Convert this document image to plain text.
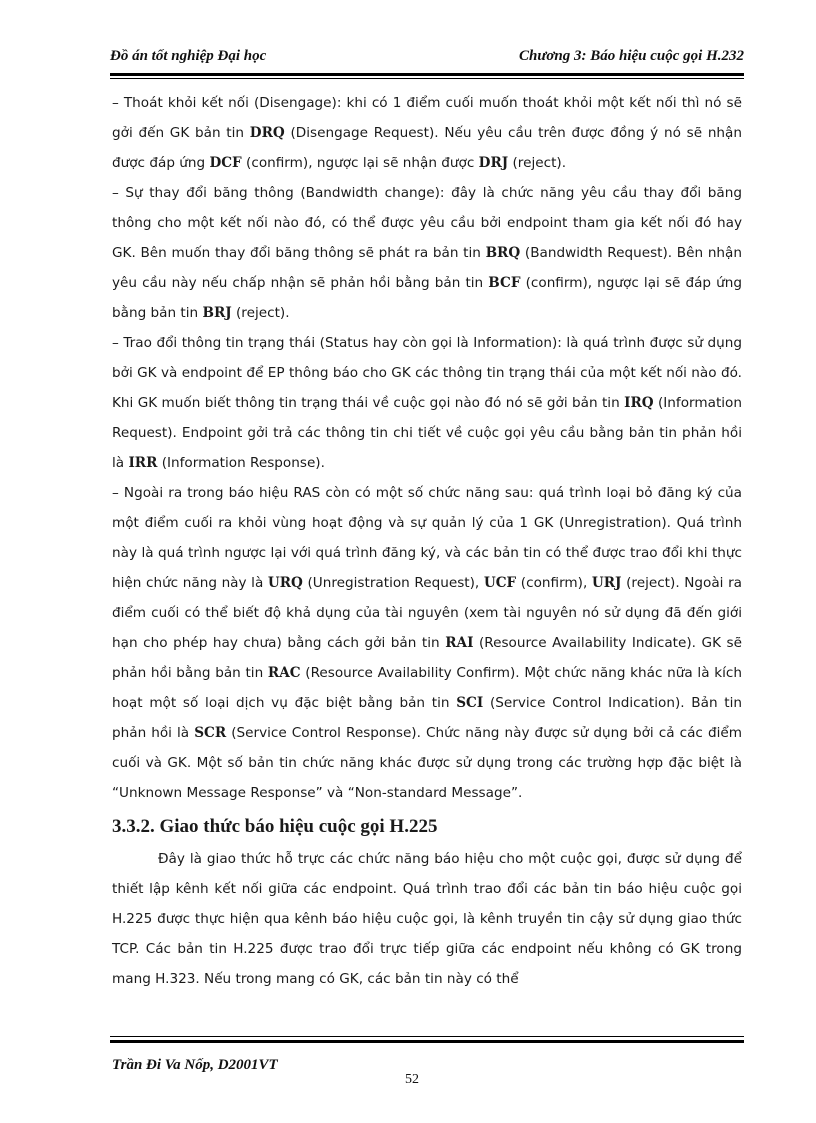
Đồ án tốt nghiệp Đại học	Chương 3: Báo hiệu cuộc gọi H.232

– Thoát khỏi kết nối (Disengage): khi có 1 điểm cuối muốn thoát khỏi một kết nối thì nó sẽ gởi đến GK bản tin DRQ (Disengage Request). Nếu yêu cầu trên được đồng ý nó sẽ nhận được đáp ứng DCF (confirm), ngược lại sẽ nhận được DRJ (reject).

– Sự thay đổi băng thông (Bandwidth change): đây là chức năng yêu cầu thay đổi băng thông cho một kết nối nào đó, có thể được yêu cầu bởi endpoint tham gia kết nối đó hay GK. Bên muốn thay đổi băng thông sẽ phát ra bản tin BRQ (Bandwidth Request). Bên nhận yêu cầu này nếu chấp nhận sẽ phản hồi bằng bản tin BCF (confirm), ngược lại sẽ đáp ứng bằng bản tin BRJ (reject).

– Trao đổi thông tin trạng thái (Status hay còn gọi là Information): là quá trình được sử dụng bởi GK và endpoint để EP thông báo cho GK các thông tin trạng thái của một kết nối nào đó. Khi GK muốn biết thông tin trạng thái về cuộc gọi nào đó nó sẽ gởi bản tin IRQ (Information Request). Endpoint gởi trả các thông tin chi tiết về cuộc gọi yêu cầu bằng bản tin phản hồi là IRR (Information Response).

– Ngoài ra trong báo hiệu RAS còn có một số chức năng sau: quá trình loại bỏ đăng ký của một điểm cuối ra khỏi vùng hoạt động và sự quản lý của 1 GK (Unregistration). Quá trình này là quá trình ngược lại với quá trình đăng ký, và các bản tin có thể được trao đổi khi thực hiện chức năng này là URQ (Unregistration Request), UCF (confirm), URJ (reject). Ngoài ra điểm cuối có thể biết độ khả dụng của tài nguyên (xem tài nguyên nó sử dụng đã đến giới hạn cho phép hay chưa) bằng cách gởi bản tin RAI (Resource Availability Indicate). GK sẽ phản hồi bằng bản tin RAC (Resource Availability Confirm). Một chức năng khác nữa là kích hoạt một số loại dịch vụ đặc biệt bằng bản tin SCI (Service Control Indication). Bản tin phản hồi là SCR (Service Control Response). Chức năng này được sử dụng bởi cả các điểm cuối và GK. Một số bản tin chức năng khác được sử dụng trong các trường hợp đặc biệt là “Unknown Message Response” và “Non-standard Message”.

3.3.2. Giao thức báo hiệu cuộc gọi H.225

Đây là giao thức hỗ trực các chức năng báo hiệu cho một cuộc gọi, được sử dụng để thiết lập kênh kết nối giữa các endpoint. Quá trình trao đổi các bản tin báo hiệu cuộc gọi H.225 được thực hiện qua kênh báo hiệu cuộc gọi, là kênh truyền tin cậy sử dụng giao thức TCP. Các bản tin H.225 được trao đổi trực tiếp giữa các endpoint nếu không có GK trong mang H.323. Nếu trong mang có GK, các bản tin này có thể

Trần Đi Va Nốp, D2001VT
52
